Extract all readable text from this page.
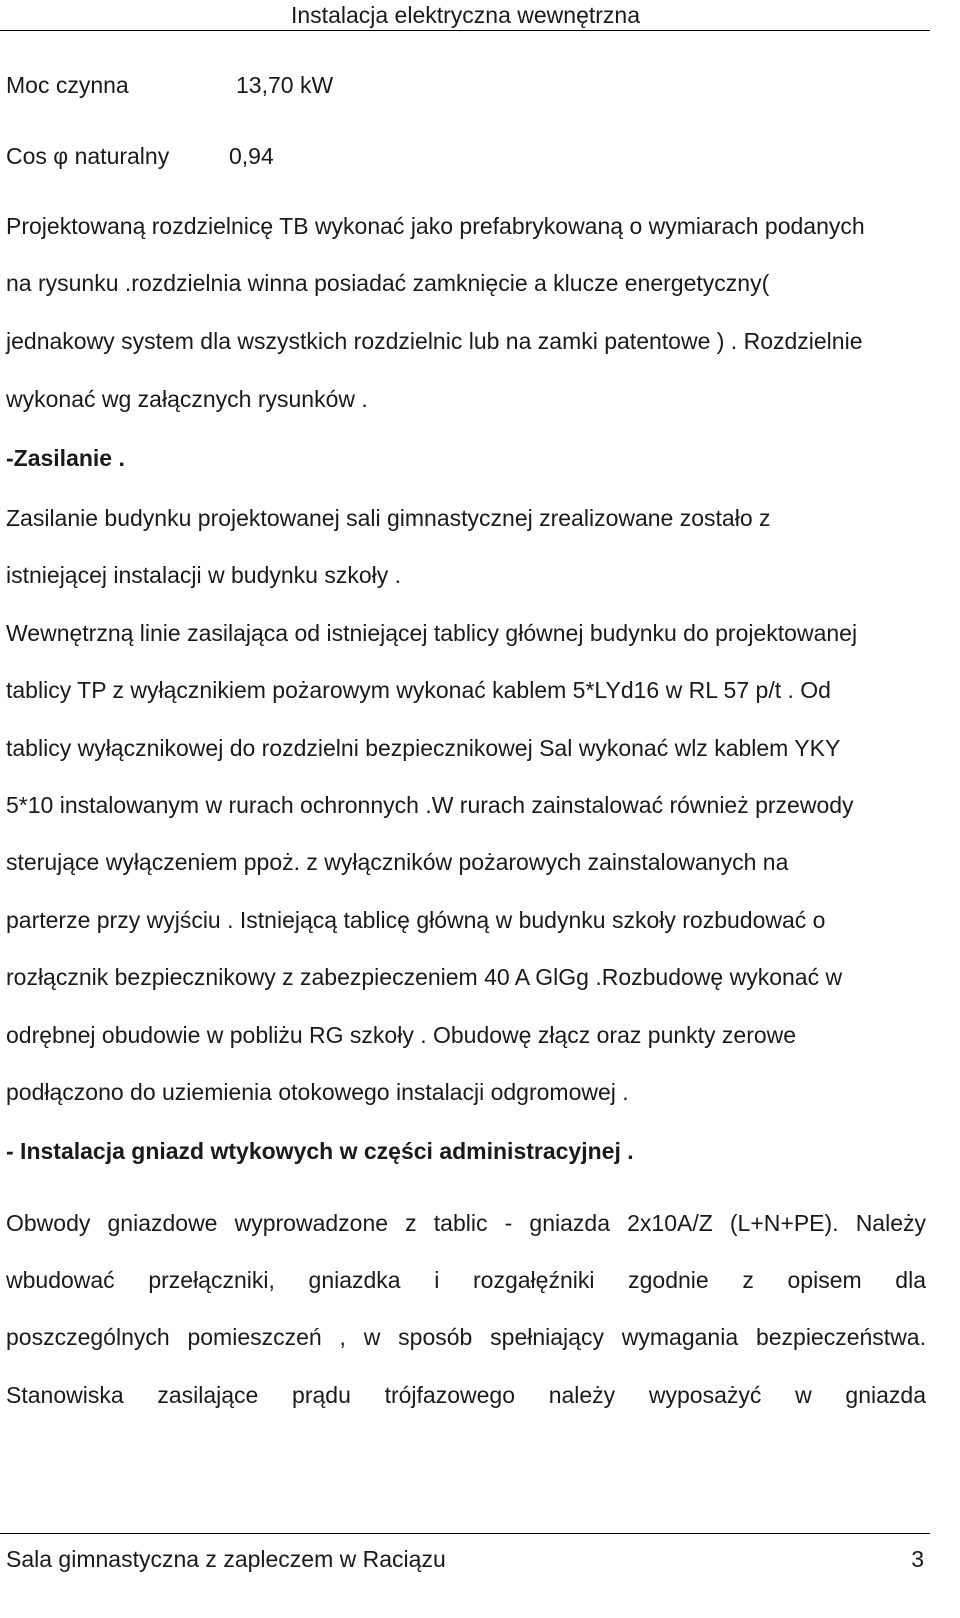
Instalacja elektryczna wewnętrzna
Moc czynna	13,70 kW
Cos φ naturalny	0,94
Projektowaną rozdzielnicę TB wykonać jako prefabrykowaną o wymiarach podanych
na rysunku .rozdzielnia winna posiadać zamknięcie a klucze energetyczny(
jednakowy system dla wszystkich rozdzielnic lub na zamki patentowe ) . Rozdzielnie
wykonać wg załącznych rysunków .
-Zasilanie .
Zasilanie budynku projektowanej sali gimnastycznej zrealizowane zostało z
istniejącej instalacji w budynku szkoły .
Wewnętrzną linie zasilająca od istniejącej tablicy głównej budynku do projektowanej
tablicy TP z wyłącznikiem pożarowym wykonać kablem 5*LYd16 w RL 57 p/t . Od
tablicy wyłącznikowej do rozdzielni bezpiecznikowej Sal wykonać wlz kablem YKY
5*10 instalowanym w rurach ochronnych .W rurach zainstalować również przewody
sterujące wyłączeniem ppoż. z wyłączników pożarowych zainstalowanych na
parterze przy wyjściu . Istniejącą tablicę główną w budynku szkoły rozbudować o
rozłącznik bezpiecznikowy z zabezpieczeniem 40 A GlGg .Rozbudowę wykonać w
odrębnej obudowie w pobliżu RG szkoły . Obudowę złącz oraz punkty zerowe
podłączono do uziemienia otokowego instalacji odgromowej .
- Instalacja gniazd wtykowych w części administracyjnej .
Obwody gniazdowe wyprowadzone z tablic - gniazda 2x10A/Z (L+N+PE). Należy
wbudować przełączniki, gniazdka i rozgałęźniki zgodnie z opisem dla
poszczególnych pomieszczeń , w sposób spełniający wymagania bezpieczeństwa.
Stanowiska zasilające prądu trójfazowego należy wyposażyć w gniazda
Sala gimnastyczna z zapleczem w Raciązu	3
